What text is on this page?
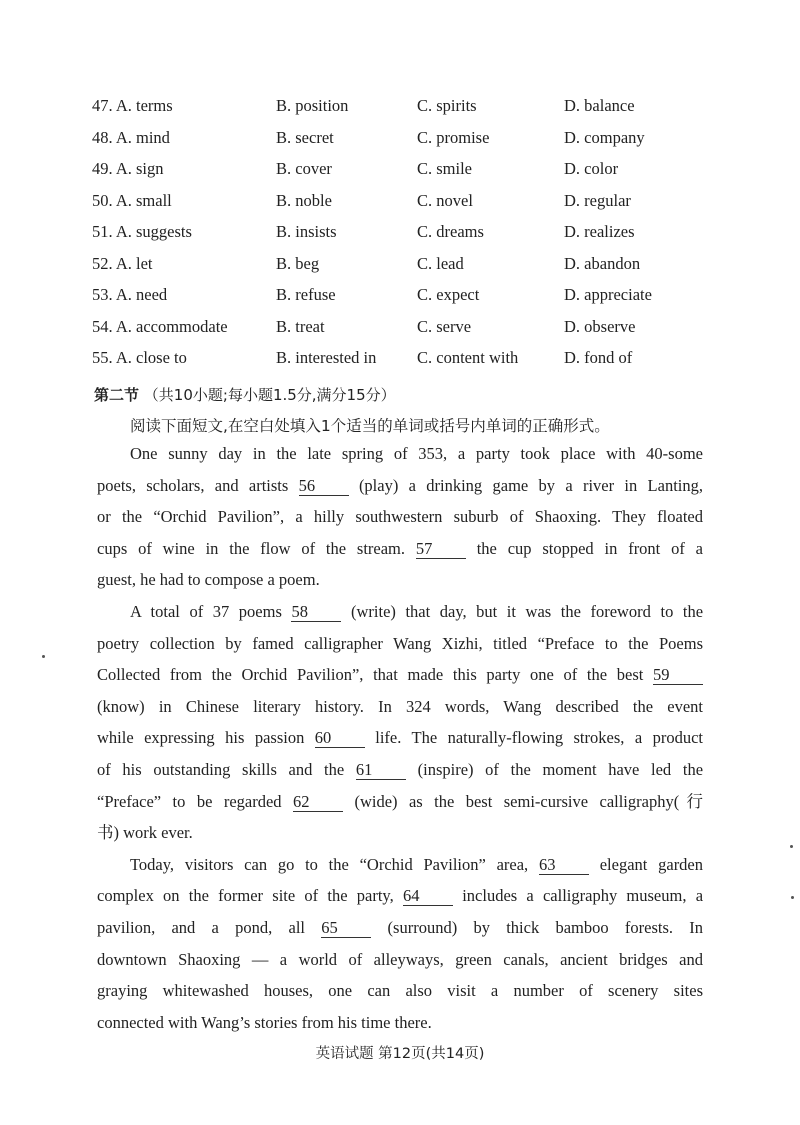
47. A. terms	B. position	C. spirits	D. balance
48. A. mind	B. secret	C. promise	D. company
49. A. sign	B. cover	C. smile	D. color
50. A. small	B. noble	C. novel	D. regular
51. A. suggests	B. insists	C. dreams	D. realizes
52. A. let	B. beg	C. lead	D. abandon
53. A. need	B. refuse	C. expect	D. appreciate
54. A. accommodate	B. treat	C. serve	D. observe
55. A. close to	B. interested in C. content with	D. fond of
第二节 （共10小题;每小题1.5分,满分15分）
阅读下面短文,在空白处填入1个适当的单词或括号内单词的正确形式。
One sunny day in the late spring of 353, a party took place with 40-some
poets, scholars, and artists 56	(play) a drinking game by a river in Lanting,
or the “Orchid Pavilion”, a hilly southwestern suburb of Shaoxing. They floated
cups of wine in the flow of the stream. 57	the cup stopped in front of a
guest, he had to compose a poem.
A total of 37 poems 58	(write) that day, but it was the foreword to the
poetry collection by famed calligrapher Wang Xizhi, titled “Preface to the Poems
Collected from the Orchid Pavilion”, that made this party one of the best 59
(know) in Chinese literary history. In 324 words, Wang described the event
while expressing his passion 60	life. The naturally-flowing strokes, a product
of his outstanding skills and the 61	(inspire) of the moment have led the
“Preface” to be regarded 62	(wide) as the best semi-cursive calligraphy(行
书) work ever.
Today, visitors can go to the “Orchid Pavilion” area, 63	elegant garden
complex on the former site of the party, 64	includes a calligraphy museum, a
pavilion, and a pond, all 65	(surround) by thick bamboo forests. In
downtown Shaoxing — a world of alleyways, green canals, ancient bridges and
graying whitewashed houses, one can also visit a number of scenery sites
connected with Wang’s stories from his time there.
英语试题 第12页(共14页)
